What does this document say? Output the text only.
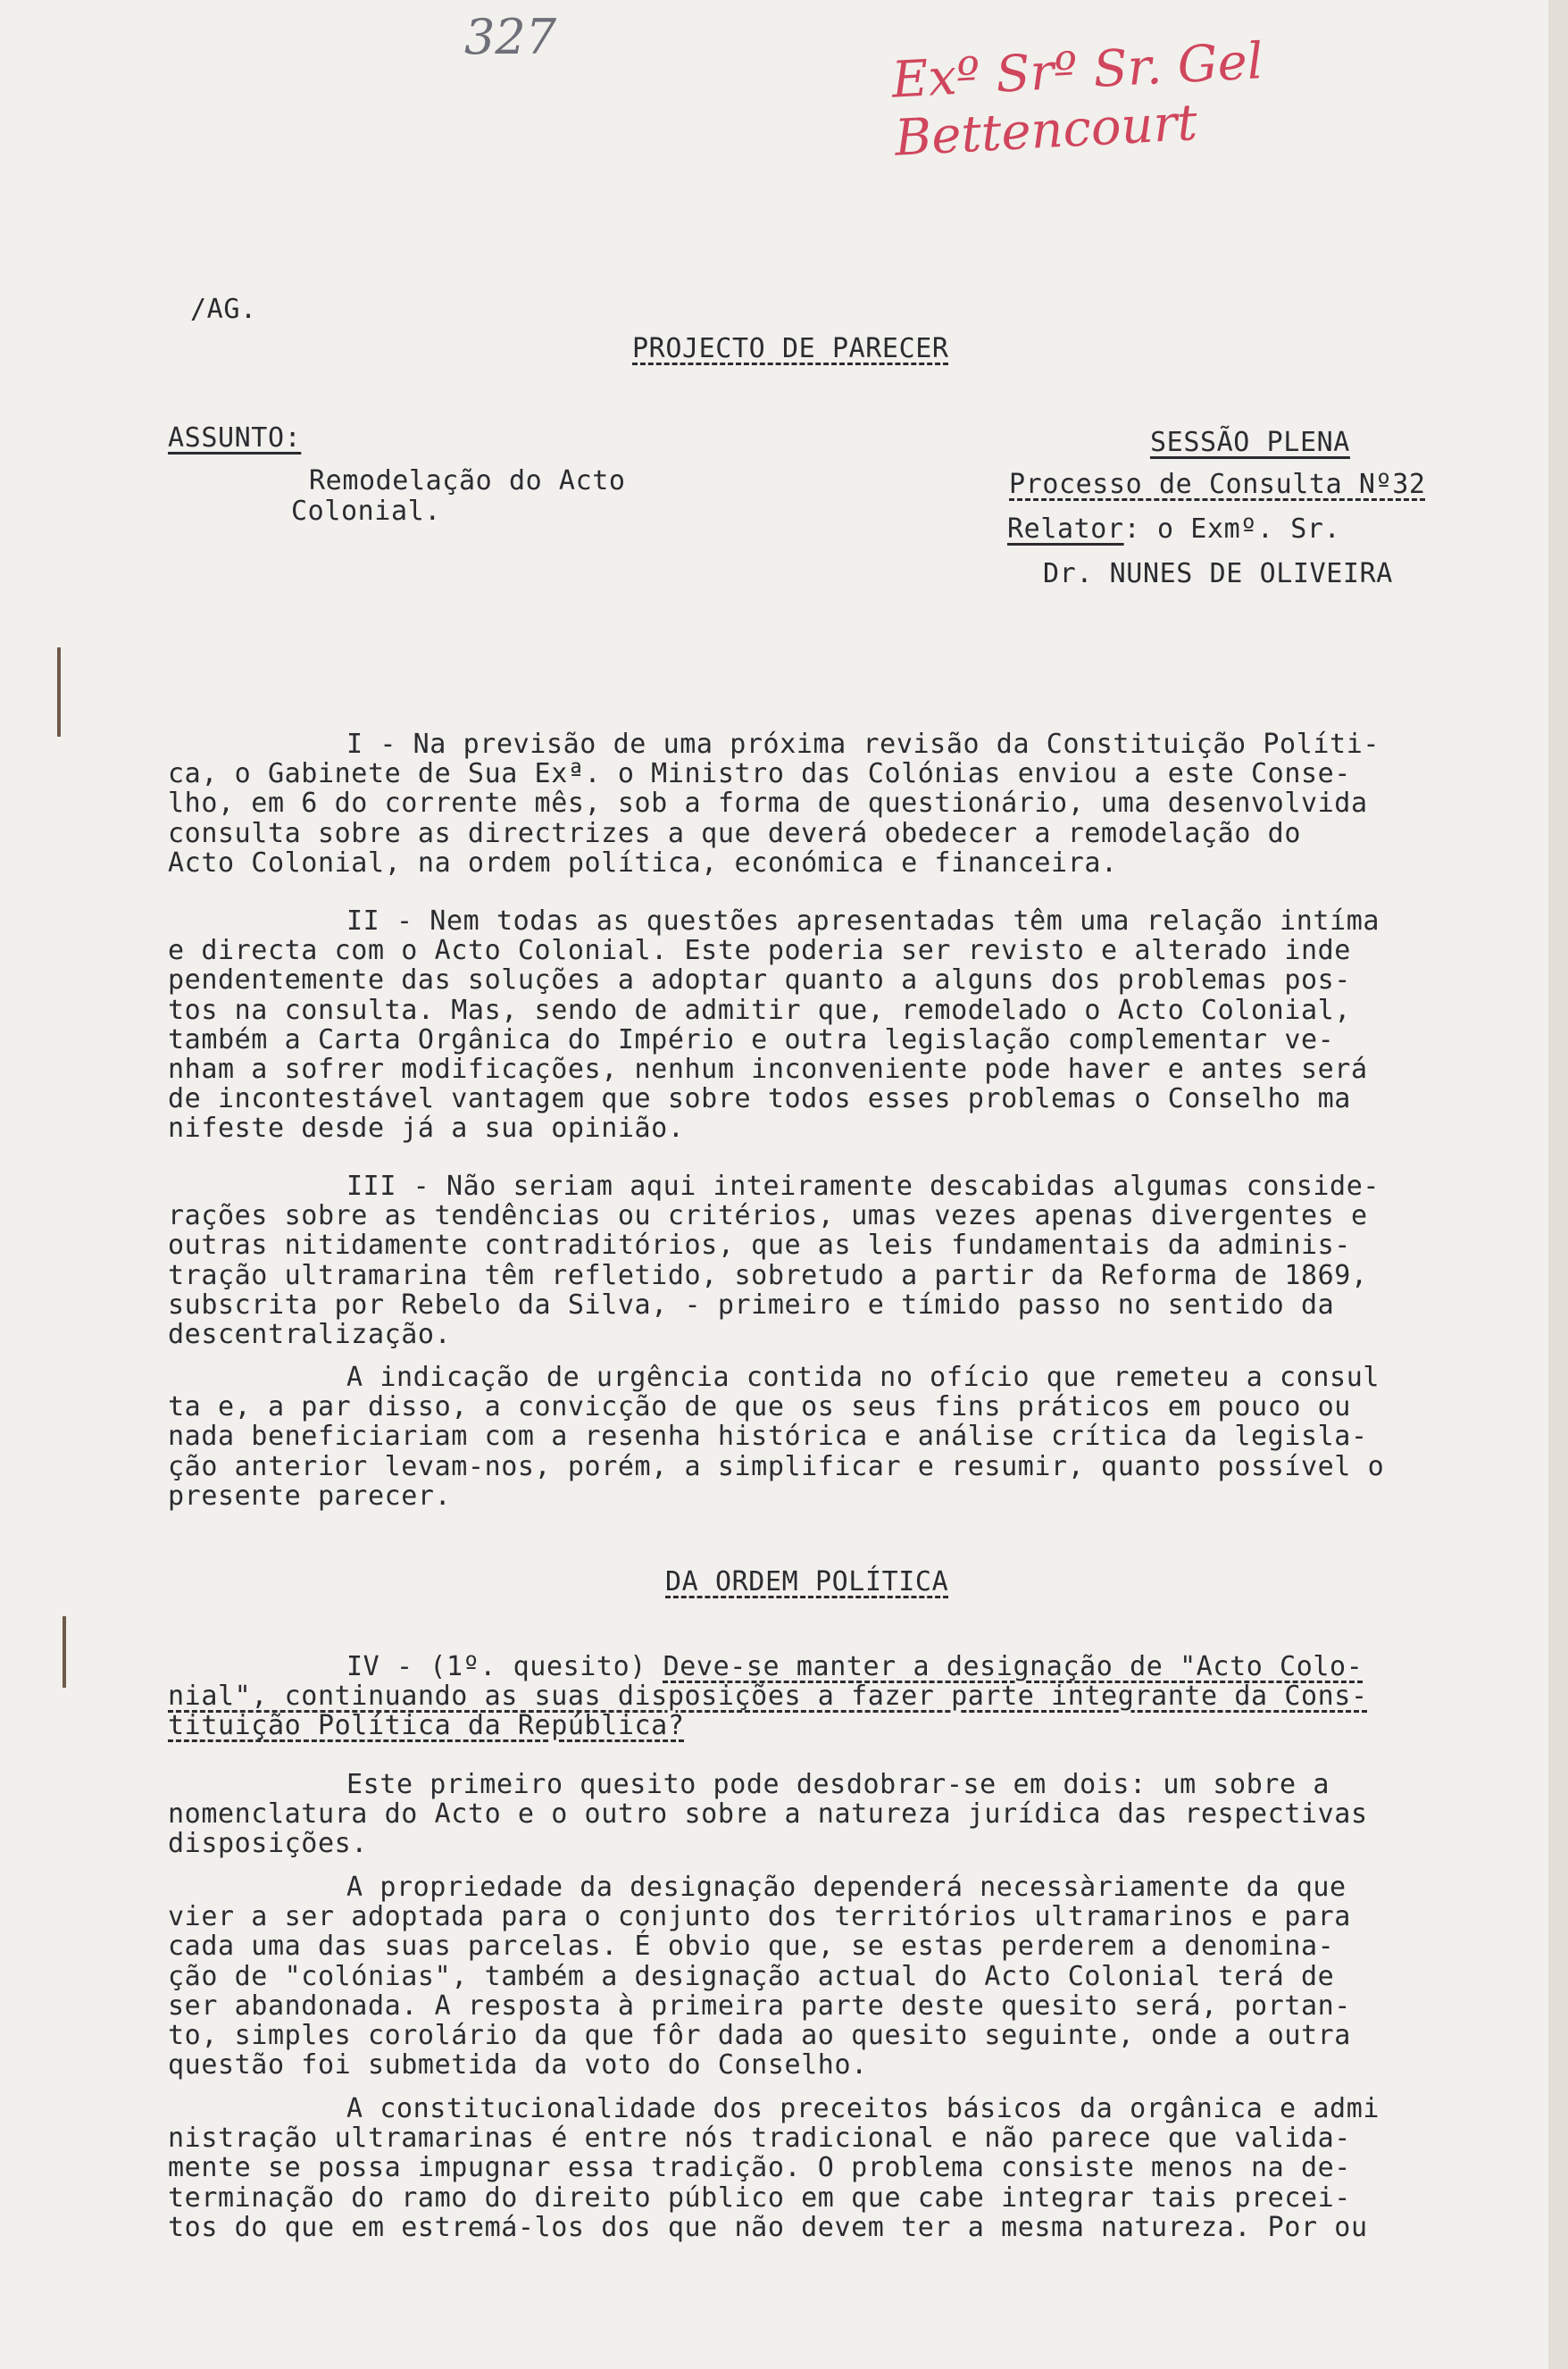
327	Exº Srº Sr. Gel Bettencourt
/AG.
PROJECTO DE PARECER
ASSUNTO:
Remodelação do Acto
Colonial.
SESSÃO PLENA
Processo de Consulta Nº32
Relator: o Exmº. Sr.
Dr. NUNES DE OLIVEIRA
I - Na previsão de uma próxima revisão da Constituição Políti-
ca, o Gabinete de Sua Exª. o Ministro das Colónias enviou a este Conse-
lho, em 6 do corrente mês, sob a forma de questionário, uma desenvolvida
consulta sobre as directrizes a que deverá obedecer a remodelação do
Acto Colonial, na ordem política, económica e financeira.
II - Nem todas as questões apresentadas têm uma relação intíma
e directa com o Acto Colonial. Este poderia ser revisto e alterado inde
pendentemente das soluções a adoptar quanto a alguns dos problemas pos-
tos na consulta. Mas, sendo de admitir que, remodelado o Acto Colonial,
também a Carta Orgânica do Império e outra legislação complementar ve-
nham a sofrer modificações, nenhum inconveniente pode haver e antes será
de incontestável vantagem que sobre todos esses problemas o Conselho ma
nifeste desde já a sua opinião.
III - Não seriam aqui inteiramente descabidas algumas conside-
rações sobre as tendências ou critérios, umas vezes apenas divergentes e
outras nitidamente contraditórios, que as leis fundamentais da adminis-
tração ultramarina têm refletido, sobretudo a partir da Reforma de 1869,
subscrita por Rebelo da Silva, - primeiro e tímido passo no sentido da
descentralização.
A indicação de urgência contida no ofício que remeteu a consul
ta e, a par disso, a convicção de que os seus fins práticos em pouco ou
nada beneficiariam com a resenha histórica e análise crítica da legisla-
ção anterior levam-nos, porém, a simplificar e resumir, quanto possível o
presente parecer.
DA ORDEM POLÍTICA
IV - (1º. quesito) Deve-se manter a designação de "Acto Colo-
nial", continuando as suas disposições a fazer parte integrante da Cons-
tituição Política da República?
Este primeiro quesito pode desdobrar-se em dois: um sobre a
nomenclatura do Acto e o outro sobre a natureza jurídica das respectivas
disposições.
A propriedade da designação dependerá necessàriamente da que
vier a ser adoptada para o conjunto dos territórios ultramarinos e para
cada uma das suas parcelas. É obvio que, se estas perderem a denomina-
ção de "colónias", também a designação actual do Acto Colonial terá de
ser abandonada. A resposta à primeira parte deste quesito será, portan-
to, simples corolário da que fôr dada ao quesito seguinte, onde a outra
questão foi submetida da voto do Conselho.
A constitucionalidade dos preceitos básicos da orgânica e admi
nistração ultramarinas é entre nós tradicional e não parece que valida-
mente se possa impugnar essa tradição. O problema consiste menos na de-
terminação do ramo do direito público em que cabe integrar tais precei-
tos do que em estremá-los dos que não devem ter a mesma natureza. Por ou
